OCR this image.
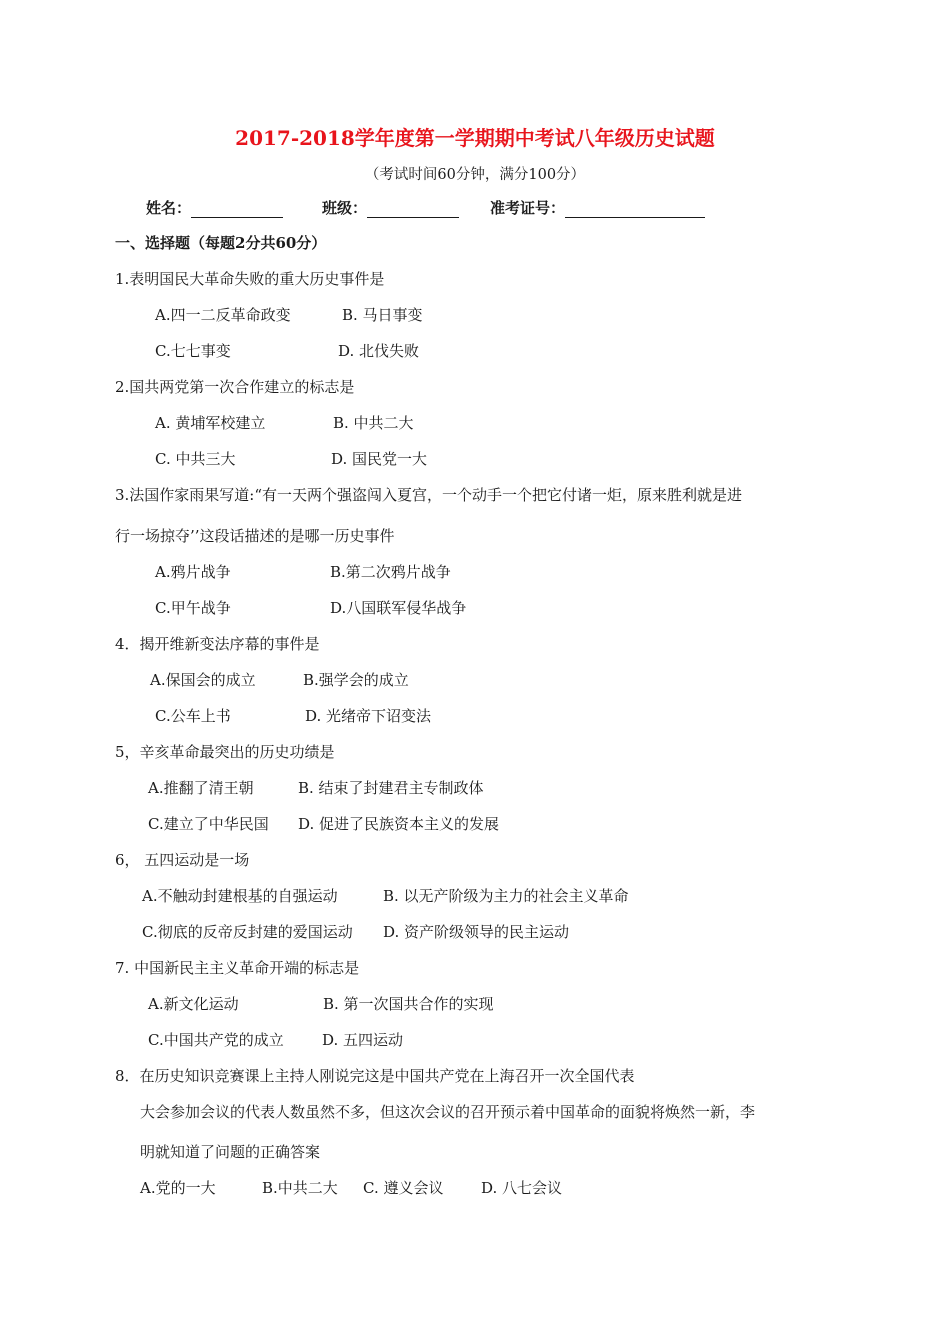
2017-2018学年度第一学期期中考试八年级历史试题
（考试时间60分钟，满分100分）
姓名：	班级：	准考证号：
一、选择题（每题2分共60分）
1.表明国民大革命失败的重大历史事件是
A.四一二反革命政变	B. 马日事变
C.七七事变	D. 北伐失败
2.国共两党第一次合作建立的标志是
A. 黄埔军校建立	B. 中共二大
C. 中共三大	D. 国民党一大
3.法国作家雨果写道:“有一天两个强盗闯入夏宫，一个动手一个把它付诸一炬，原来胜利就是进
行一场掠夺’’这段话描述的是哪一历史事件
A.鸦片战争	B.第二次鸦片战争
C.甲午战争	D.八国联军侵华战争
4．揭开维新变法序幕的事件是
A.保国会的成立	B.强学会的成立
C.公车上书	D. 光绪帝下诏变法
5，辛亥革命最突出的历史功绩是
A.推翻了清王朝	B. 结束了封建君主专制政体
C.建立了中华民国 D. 促进了民族资本主义的发展
6， 五四运动是一场
A.不触动封建根基的自强运动	B. 以无产阶级为主力的社会主义革命
C.彻底的反帝反封建的爱国运动 D. 资产阶级领导的民主运动
7. 中国新民主主义革命开端的标志是
A.新文化运动	B. 第一次国共合作的实现
C.中国共产党的成立	D. 五四运动
8．在历史知识竞赛课上主持人刚说完这是中国共产党在上海召开一次全国代表
大会参加会议的代表人数虽然不多，但这次会议的召开预示着中国革命的面貌将焕然一新，李
明就知道了问题的正确答案
A.党的一大	B.中共二大 C. 遵义会议	D. 八七会议
